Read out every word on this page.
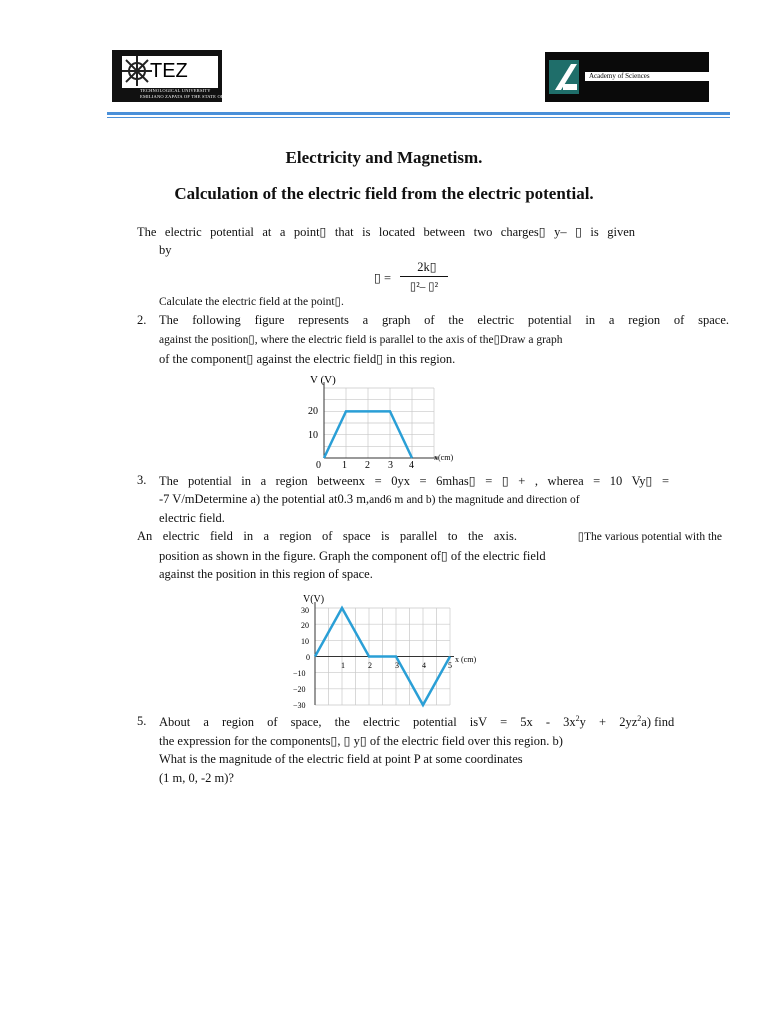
TEZ
TECHNOLOGICAL UNIVERSITY
EMILIANO ZAPATA OF THE STATE OF MORELOS
Academy of Sciences
Electricity and Magnetism.
Calculation of the electric field from the electric potential.
The electric potential at a point▯ that is located between two charges▯ y– ▯ is given
by
▯ =
2k▯
▯²– ▯²
Calculate the electric field at the point▯.
2. The following figure represents a graph of the electric potential in a region of space.
against the position▯, where the electric field is parallel to the axis of the▯Draw a graph
of the component▯ against the electric field▯ in this region.
V (V)
x(cm)
0 1 2 3 4
10
20
3. The potential in a region betweenx = 0yx = 6mhas▯ = ▯ + , wherea = 10 Vy▯ =
-7 V/mDetermine a) the potential at0.3 m,and6 m and b) the magnitude and direction of
electric field.
An electric field in a region of space is parallel to the axis.	▯The various potential with the
position as shown in the figure. Graph the component of▯ of the electric field
against the position in this region of space.
V(V)
x (cm)
30
20
10
0
−10
−20
−30
1	2	3	4	5
5. About a region of space, the electric potential isV = $5x - 3x^2y + 2yz^2a$) find
the expression for the components▯, ▯ y▯ of the electric field over this region. b)
What is the magnitude of the electric field at point P at some coordinates
(1 m, 0, -2 m)?
